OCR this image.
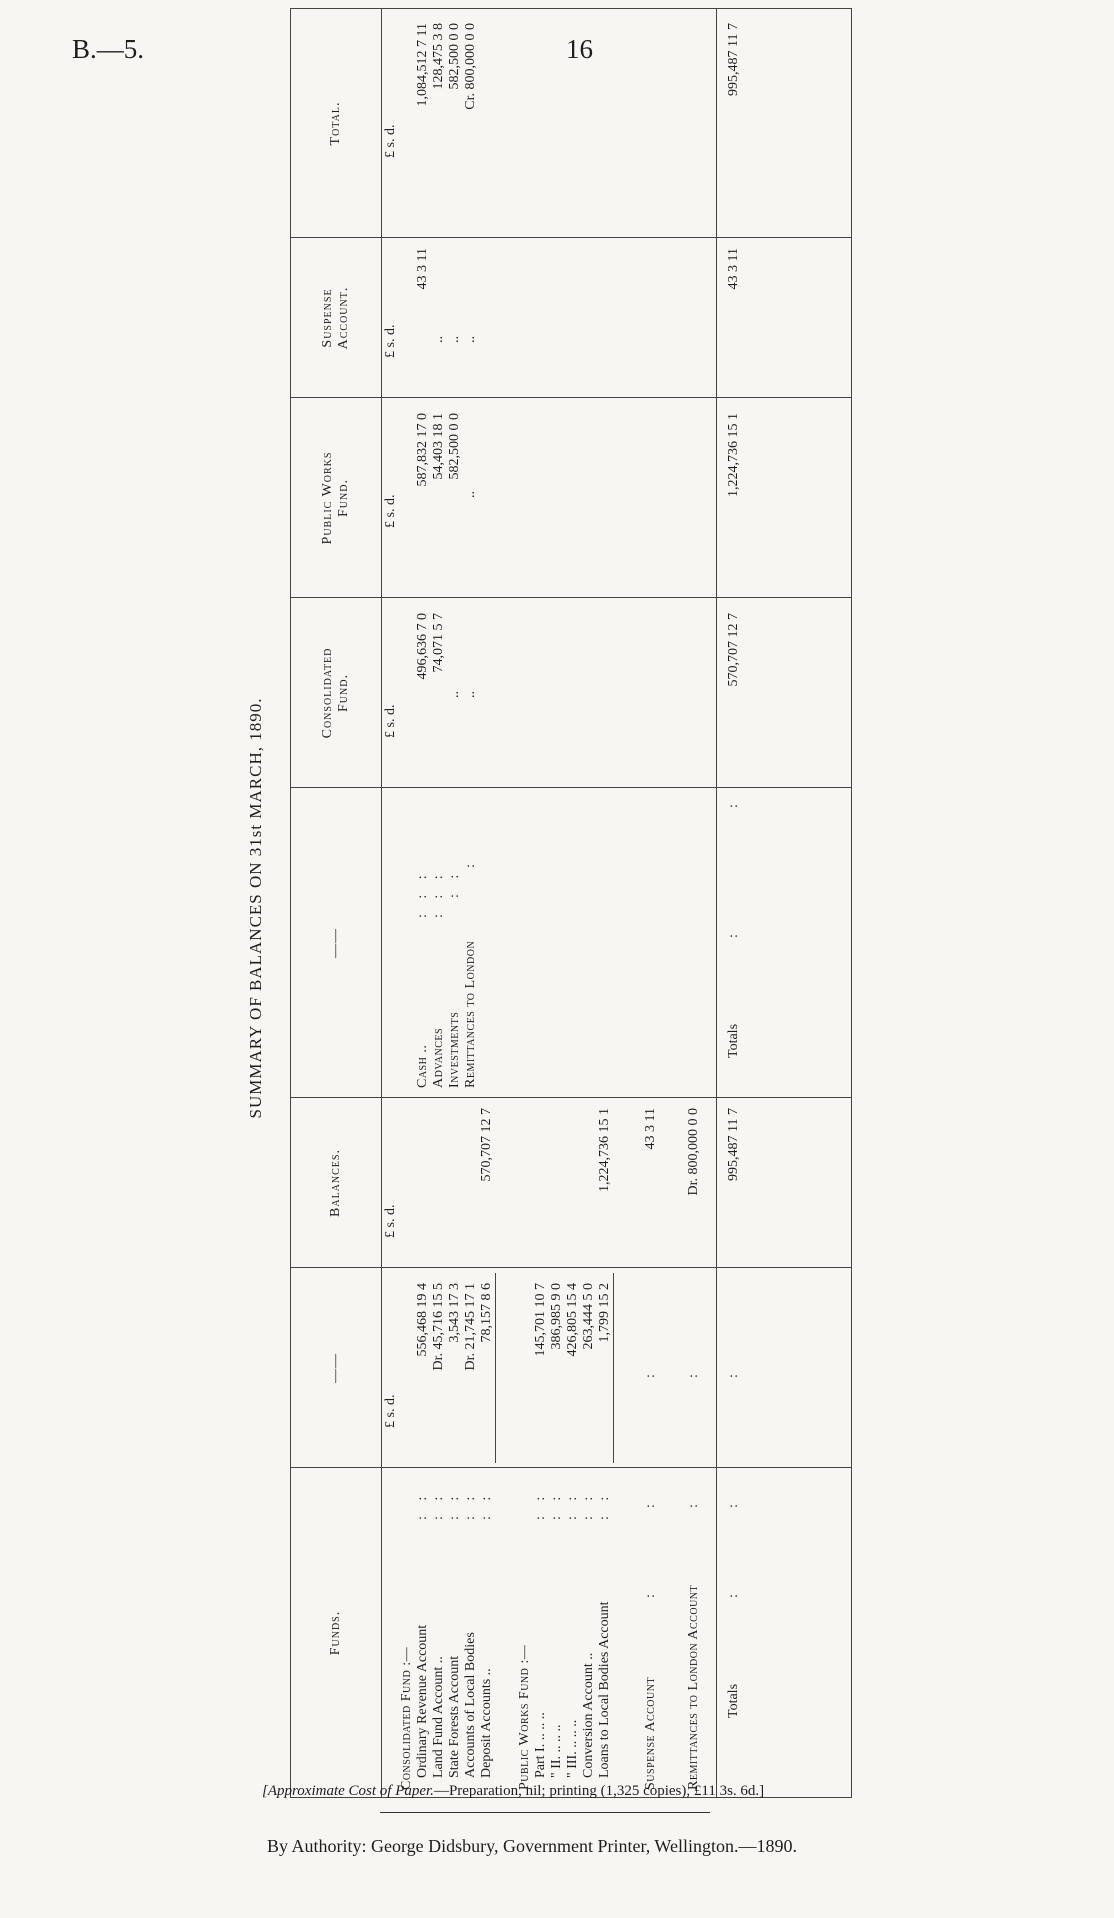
B.—5.	16
SUMMARY OF BALANCES ON 31st MARCH, 1890.
Funds.
——
Balances.
——
Consolidated Fund.
Public Works Fund.
Suspense Account.
Total.
£ s. d.
£ s. d.
£ s. d.
£ s. d.
£ s. d.
£ s. d.
Consolidated Fund :— Ordinary Revenue Account Land Fund Account .. State Forests Account Accounts of Local Bodies Deposit Accounts ..
: : : : : : : : : :
556,468 19 4 Dr. 45,716 15 5 3,543 17 3 Dr. 21,745 17 1 78,157 8 6
570,707 12 7
Public Works Fund :— Part I. .. .. .. " II. .. .. .. " III. .. .. .. Conversion Account .. Loans to Local Bodies Account
: : : : : : : : : :
145,701 10 7 386,985 9 0 426,805 15 4 263,444 5 0 1,799 15 2
1,224,736 15 1
Suspense Account
:
:
:
43 3 11
Remittances to London Account
:
:
Dr. 800,000 0 0
Totals
:
:
:
995,487 11 7
Cash .. Advances Investments Remittances to London
: : : : : : : :
:
496,636 7 0 74,071 5 7
.. ..
587,832 17 0 54,403 18 1 582,500 0 0
..
43 3 11
.. .. ..
1,084,512 7 11 128,475 3 8 582,500 0 0 Cr. 800,000 0 0
Totals
:
:
570,707 12 7
1,224,736 15 1
43 3 11
995,487 11 7
[Approximate Cost of Paper.—Preparation, nil; printing (1,325 copies), £11 3s. 6d.]
By Authority: George Didsbury, Government Printer, Wellington.—1890.
